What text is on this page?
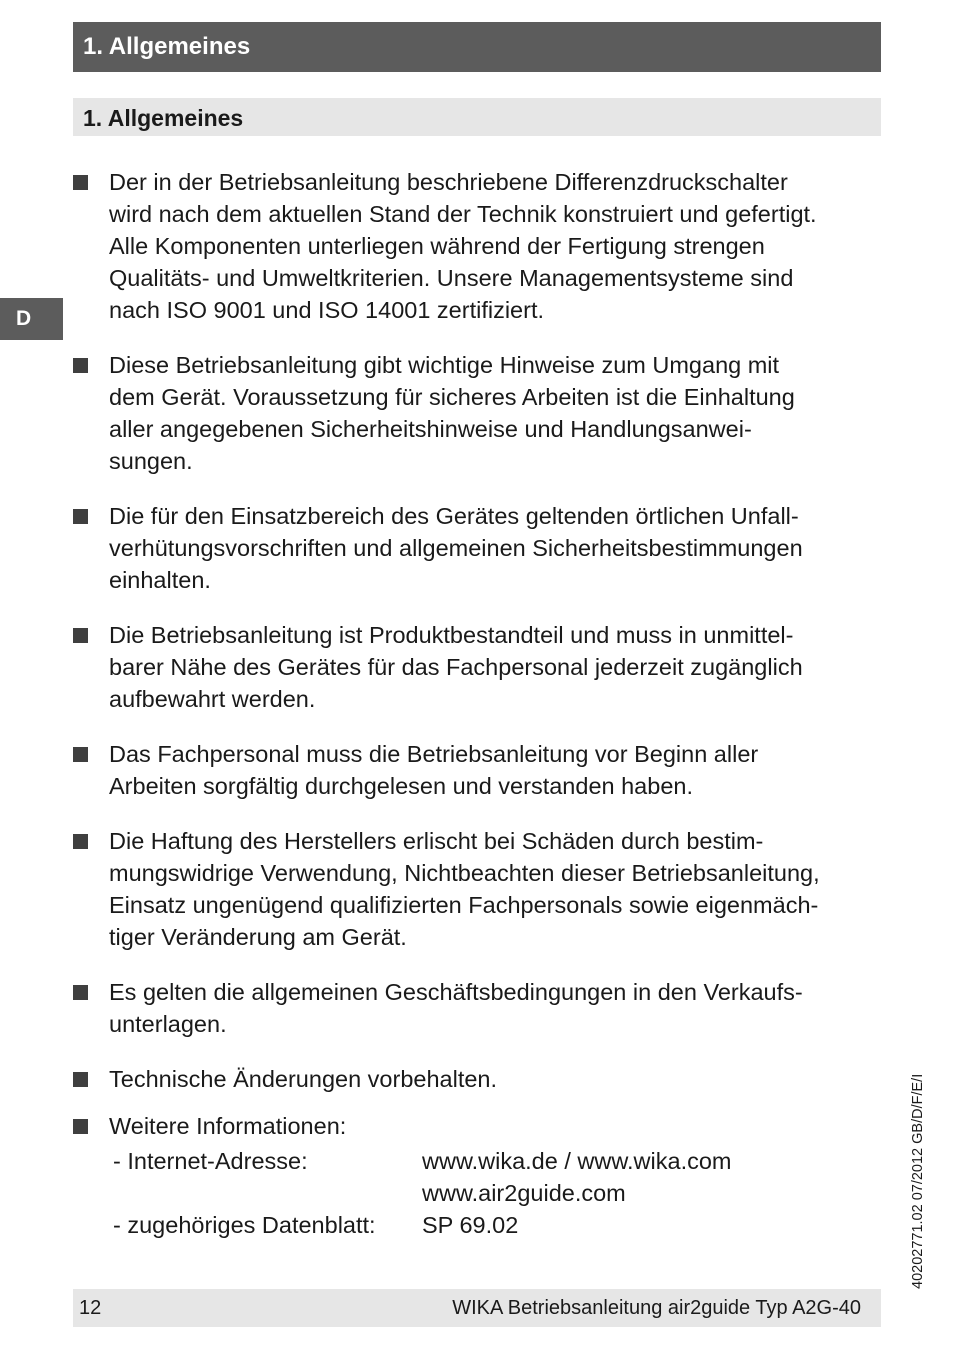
1. Allgemeines
1. Allgemeines
D
Der in der Betriebsanleitung beschriebene Differenzdruckschalter
wird nach dem aktuellen Stand der Technik konstruiert und gefertigt.
Alle Komponenten unterliegen während der Fertigung strengen
Qualitäts- und Umweltkriterien. Unsere Managementsysteme sind
nach ISO 9001 und ISO 14001 zertifiziert.
Diese Betriebsanleitung gibt wichtige Hinweise zum Umgang mit
dem Gerät. Voraussetzung für sicheres Arbeiten ist die Einhaltung
aller angegebenen Sicherheitshinweise und Handlungsanwei-
sungen.
Die für den Einsatzbereich des Gerätes geltenden örtlichen Unfall-
verhütungsvorschriften und allgemeinen Sicherheitsbestimmungen
einhalten.
Die Betriebsanleitung ist Produktbestandteil und muss in unmittel-
barer Nähe des Gerätes für das Fachpersonal jederzeit zugänglich
aufbewahrt werden.
Das Fachpersonal muss die Betriebsanleitung vor Beginn aller
Arbeiten sorgfältig durchgelesen und verstanden haben.
Die Haftung des Herstellers erlischt bei Schäden durch bestim-
mungswidrige Verwendung, Nichtbeachten dieser Betriebsanleitung,
Einsatz ungenügend qualifizierten Fachpersonals sowie eigenmäch-
tiger Veränderung am Gerät.
Es gelten die allgemeinen Geschäftsbedingungen in den Verkaufs-
unterlagen.
Technische Änderungen vorbehalten.
Weitere Informationen:
- Internet-Adresse:	www.wika.de / www.wika.com
	www.air2guide.com
- zugehöriges Datenblatt:	SP 69.02	40202771.02 07/2012 GB/D/F/E/I
12	WIKA Betriebsanleitung air2guide Typ A2G-40
